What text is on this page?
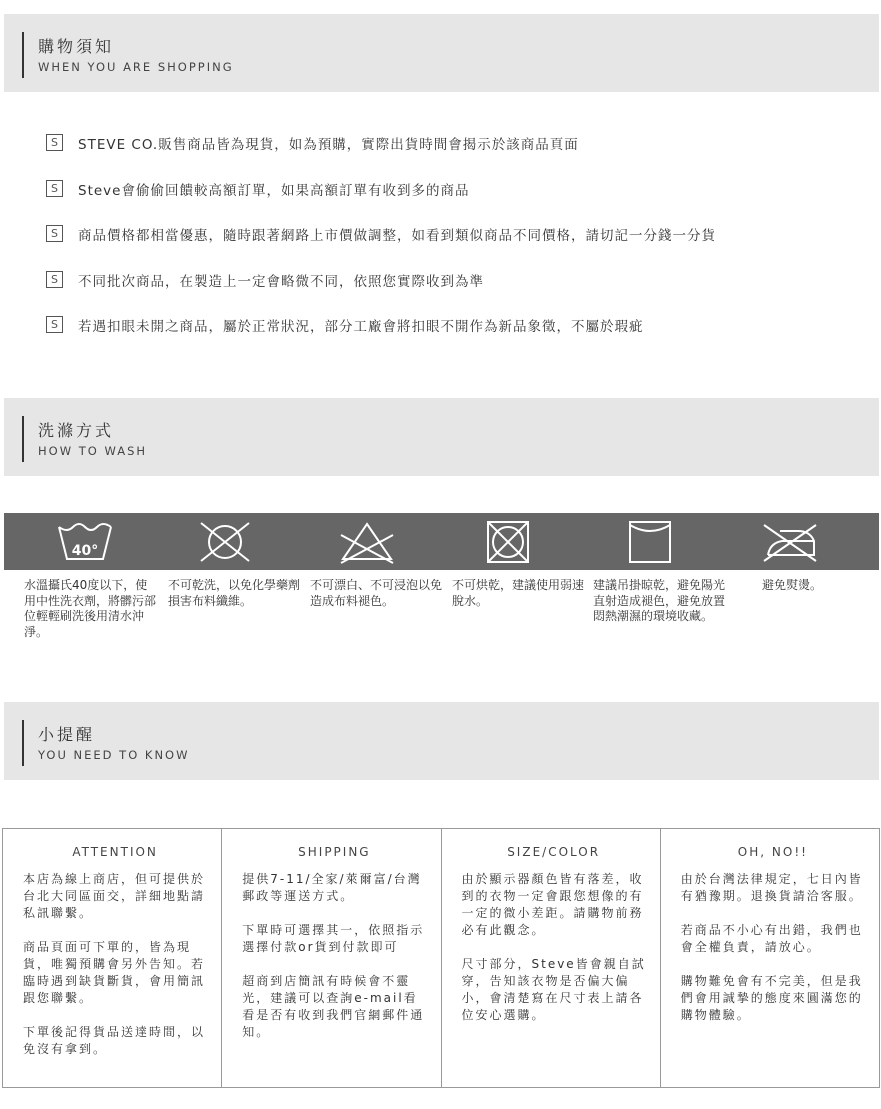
購物須知
WHEN YOU ARE SHOPPING
S	STEVE CO.販售商品皆為現貨，如為預購，實際出貨時間會揭示於該商品頁面
S	Steve會偷偷回饋較高額訂單，如果高額訂單有收到多的商品
S	商品價格都相當優惠，隨時跟著網路上市價做調整，如看到類似商品不同價格，請切記一分錢一分貨
S	不同批次商品，在製造上一定會略微不同，依照您實際收到為準
S	若遇扣眼未開之商品，屬於正常狀況，部分工廠會將扣眼不開作為新品象徵，不屬於瑕疵
洗滌方式
HOW TO WASH
40°
水溫攝氏40度以下，使用中性洗衣劑，將髒污部位輕輕刷洗後用清水沖淨。
不可乾洗，以免化學藥劑損害布料纖維。
不可漂白、不可浸泡以免造成布料褪色。
不可烘乾，建議使用弱速脫水。
建議吊掛晾乾，避免陽光直射造成褪色，避免放置悶熱潮濕的環境收藏。
避免熨燙。
小提醒
YOU NEED TO KNOW
ATTENTION

本店為線上商店，但可提供於台北大同區面交，詳細地點請私訊聯繫。

商品頁面可下單的，皆為現貨，唯獨預購會另外告知。若臨時遇到缺貨斷貨，會用簡訊跟您聯繫。

下單後記得貨品送達時間，以免沒有拿到。

SHIPPING

提供7-11/全家/萊爾富/台灣郵政等運送方式。

下單時可選擇其一，依照指示選擇付款or貨到付款即可

超商到店簡訊有時候會不靈光，建議可以查詢e-mail看看是否有收到我們官網郵件通知。

SIZE/COLOR

由於顯示器顏色皆有落差，收到的衣物一定會跟您想像的有一定的微小差距。請購物前務必有此觀念。

尺寸部分，Steve皆會親自試穿，告知該衣物是否偏大偏小，會清楚寫在尺寸表上請各位安心選購。

OH, NO!!

由於台灣法律規定，七日內皆有猶豫期。退換貨請洽客服。

若商品不小心有出錯，我們也會全權負責，請放心。

購物難免會有不完美，但是我們會用誠摯的態度來圓滿您的購物體驗。
